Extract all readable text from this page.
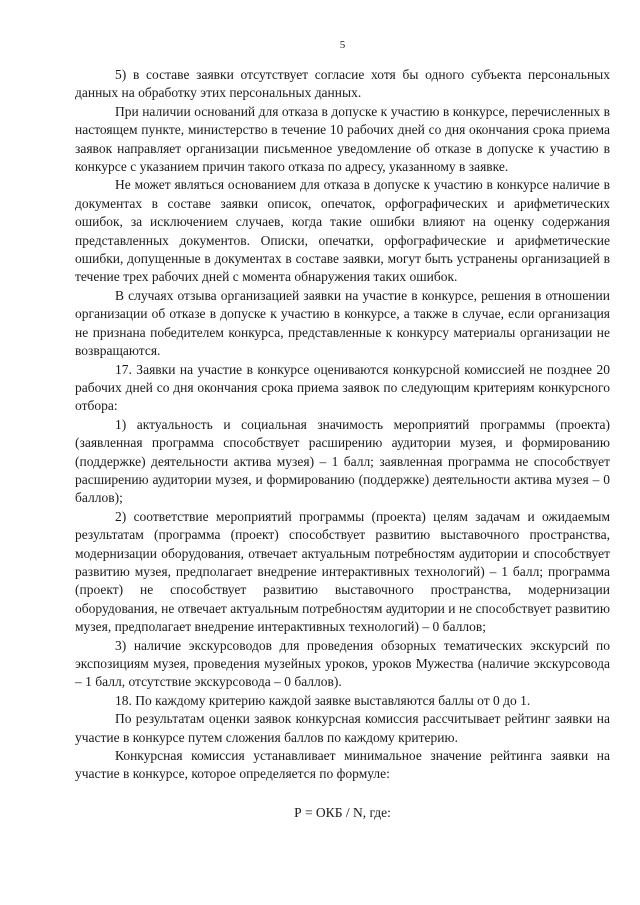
5

5) в составе заявки отсутствует согласие хотя бы одного субъекта персональных данных на обработку этих персональных данных.

При наличии оснований для отказа в допуске к участию в конкурсе, перечисленных в настоящем пункте, министерство в течение 10 рабочих дней со дня окончания срока приема заявок направляет организации письменное уведомление об отказе в допуске к участию в конкурсе с указанием причин такого отказа по адресу, указанному в заявке.

Не может являться основанием для отказа в допуске к участию в конкурсе наличие в документах в составе заявки описок, опечаток, орфографических и арифметических ошибок, за исключением случаев, когда такие ошибки влияют на оценку содержания представленных документов. Описки, опечатки, орфографические и арифметические ошибки, допущенные в документах в составе заявки, могут быть устранены организацией в течение трех рабочих дней с момента обнаружения таких ошибок.

В случаях отзыва организацией заявки на участие в конкурсе, решения в отношении организации об отказе в допуске к участию в конкурсе, а также в случае, если организация не признана победителем конкурса, представленные к конкурсу материалы организации не возвращаются.

17. Заявки на участие в конкурсе оцениваются конкурсной комиссией не позднее 20 рабочих дней со дня окончания срока приема заявок по следующим критериям конкурсного отбора:

1) актуальность и социальная значимость мероприятий программы (проекта) (заявленная программа способствует расширению аудитории музея, и формированию (поддержке) деятельности актива музея) – 1 балл; заявленная программа не способствует расширению аудитории музея, и формированию (поддержке) деятельности актива музея – 0 баллов);

2) соответствие мероприятий программы (проекта) целям задачам и ожидаемым результатам (программа (проект) способствует развитию выставочного пространства, модернизации оборудования, отвечает актуальным потребностям аудитории и способствует развитию музея, предполагает внедрение интерактивных технологий) – 1 балл; программа (проект) не способствует развитию выставочного пространства, модернизации оборудования, не отвечает актуальным потребностям аудитории и не способствует развитию музея, предполагает внедрение интерактивных технологий) – 0 баллов;

3) наличие экскурсоводов для проведения обзорных тематических экскурсий по экспозициям музея, проведения музейных уроков, уроков Мужества (наличие экскурсовода – 1 балл, отсутствие экскурсовода – 0 баллов).

18. По каждому критерию каждой заявке выставляются баллы от 0 до 1.

По результатам оценки заявок конкурсная комиссия рассчитывает рейтинг заявки на участие в конкурсе путем сложения баллов по каждому критерию.

Конкурсная комиссия устанавливает минимальное значение рейтинга заявки на участие в конкурсе, которое определяется по формуле:

Р = ОКБ / N, где:
